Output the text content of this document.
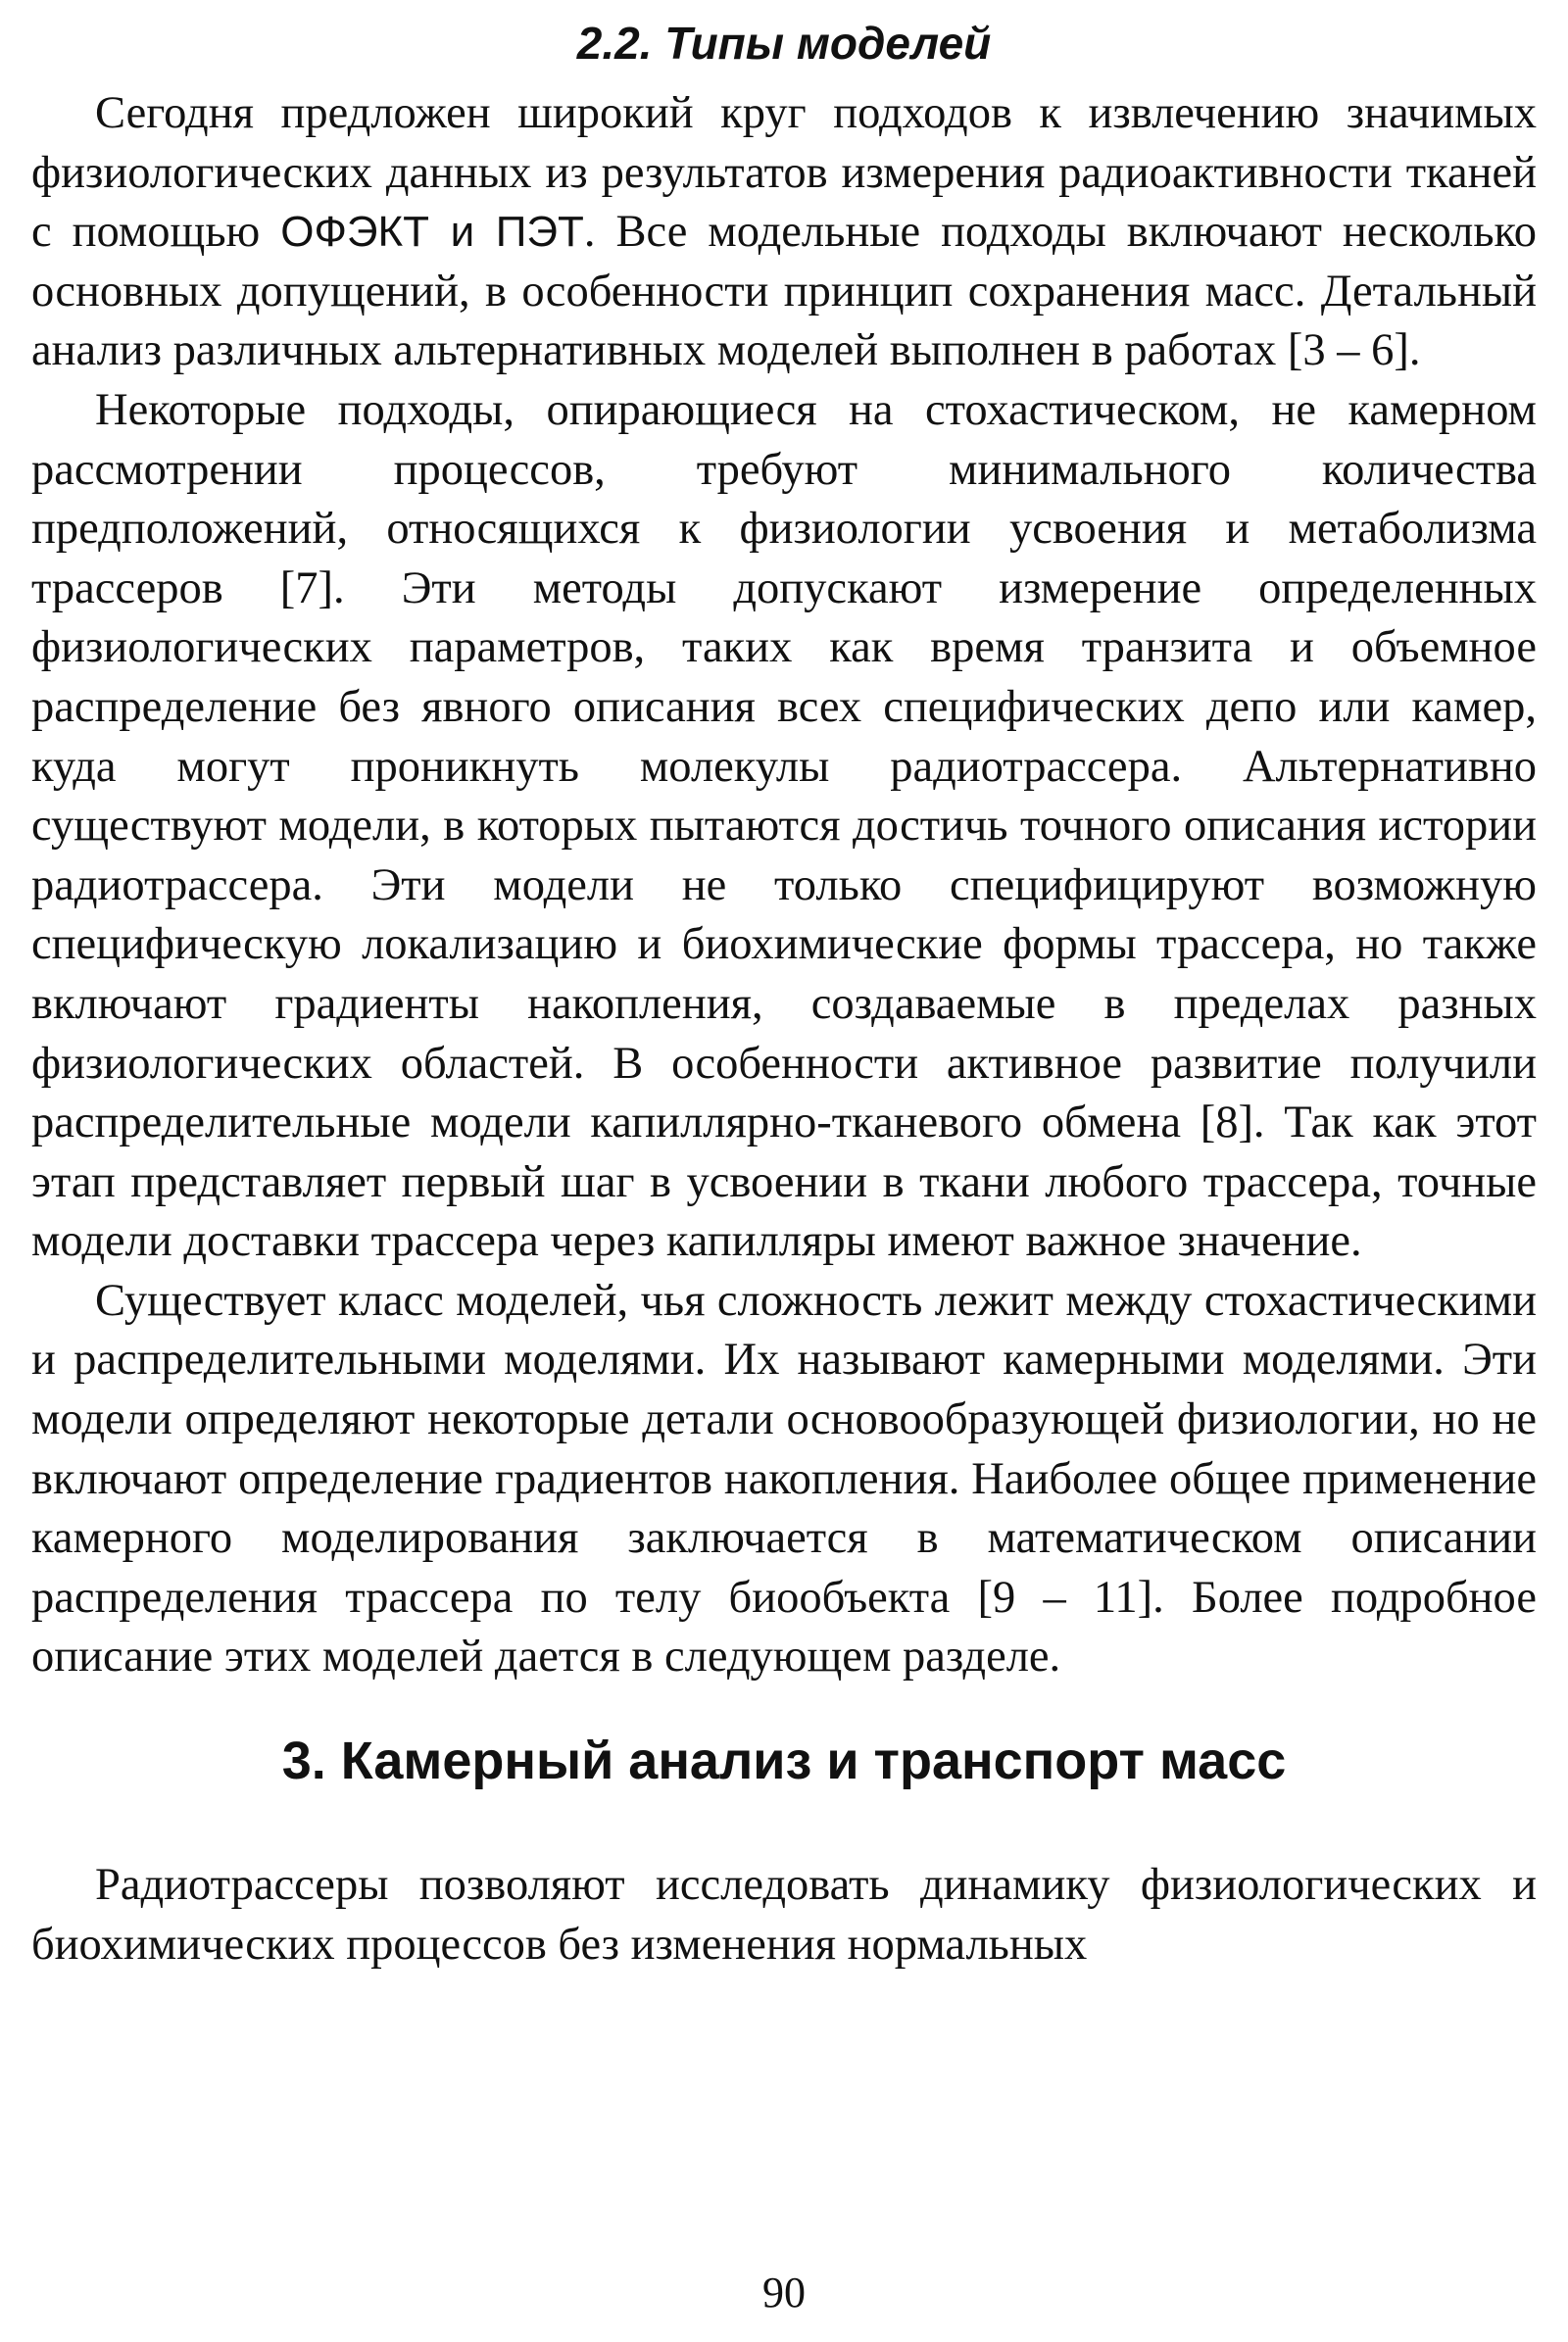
2.2. Типы моделей

Сегодня предложен широкий круг подходов к извлечению значимых физиологических данных из результатов измерения радиоактивности тканей с помощью ОФЭКТ и ПЭТ. Все модельные подходы включают несколько основных допущений, в особенности принцип сохранения масс. Детальный анализ различных альтернативных моделей выполнен в работах [3 – 6].

Некоторые подходы, опирающиеся на стохастическом, не камерном рассмотрении процессов, требуют минимального количества предположений, относящихся к физиологии усвоения и метаболизма трассеров [7]. Эти методы допускают измерение определенных физиологических параметров, таких как время транзита и объемное распределение без явного описания всех специфических депо или камер, куда могут проникнуть молекулы радиотрассера. Альтернативно существуют модели, в которых пытаются достичь точного описания истории радиотрассера. Эти модели не только специфицируют возможную специфическую локализацию и биохимические формы трассера, но также включают градиенты накопления, создаваемые в пределах разных физиологических областей. В особенности активное развитие получили распределительные модели капиллярно-тканевого обмена [8]. Так как этот этап представляет первый шаг в усвоении в ткани любого трассера, точные модели доставки трассера через капилляры имеют важное значение.

Существует класс моделей, чья сложность лежит между стохастическими и распределительными моделями. Их называют камерными моделями. Эти модели определяют некоторые детали основообразующей физиологии, но не включают определение градиентов накопления. Наиболее общее применение камерного моделирования заключается в математическом описании распределения трассера по телу биообъекта [9 – 11]. Более подробное описание этих моделей дается в следующем разделе.

3. Камерный анализ и транспорт масс

Радиотрассеры позволяют исследовать динамику физиологических и биохимических процессов без изменения нормальных

90
